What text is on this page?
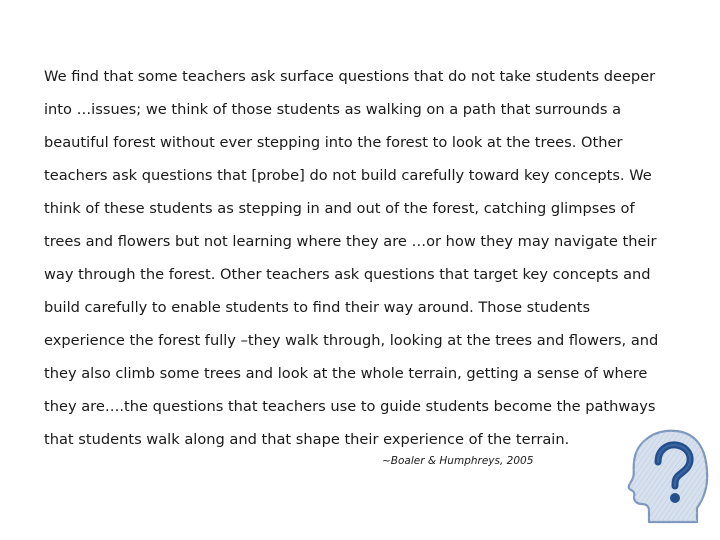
We find that some teachers ask surface questions that do not take students deeper
into …issues; we think of those students as walking on a path that surrounds a
beautiful forest without ever stepping into the forest to look at the trees. Other
teachers ask questions that [probe] do not build carefully toward key concepts. We
think of these students as stepping in and out of the forest, catching glimpses of
trees and flowers but not learning where they are …or how they may navigate their
way through the forest. Other teachers ask questions that target key concepts and
build carefully to enable students to find their way around. Those students
experience the forest fully –they walk through, looking at the trees and flowers, and
they also climb some trees and look at the whole terrain, getting a sense of where
they are….the questions that teachers use to guide students become the pathways
that students walk along and that shape their experience of the terrain.
~Boaler & Humphreys, 2005
